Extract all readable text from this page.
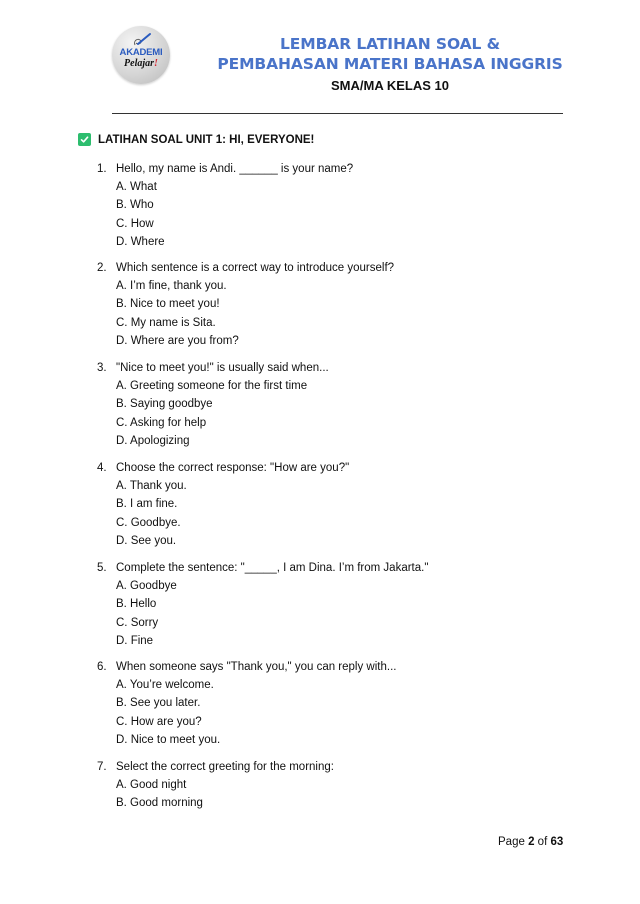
AKADEMI
Pelajar!
LEMBAR LATIHAN SOAL &
PEMBAHASAN MATERI BAHASA INGGRIS
SMA/MA KELAS 10
LATIHAN SOAL UNIT 1: HI, EVERYONE!
1. Hello, my name is Andi. ______ is your name?
A. What
B. Who
C. How
D. Where
2. Which sentence is a correct way to introduce yourself?
A. I’m fine, thank you.
B. Nice to meet you!
C. My name is Sita.
D. Where are you from?
3. "Nice to meet you!" is usually said when...
A. Greeting someone for the first time
B. Saying goodbye
C. Asking for help
D. Apologizing
4. Choose the correct response: "How are you?"
A. Thank you.
B. I am fine.
C. Goodbye.
D. See you.
5. Complete the sentence: "_____, I am Dina. I’m from Jakarta."
A. Goodbye
B. Hello
C. Sorry
D. Fine
6. When someone says "Thank you," you can reply with...
A. You’re welcome.
B. See you later.
C. How are you?
D. Nice to meet you.
7. Select the correct greeting for the morning:
A. Good night
B. Good morning
Page 2 of 63
